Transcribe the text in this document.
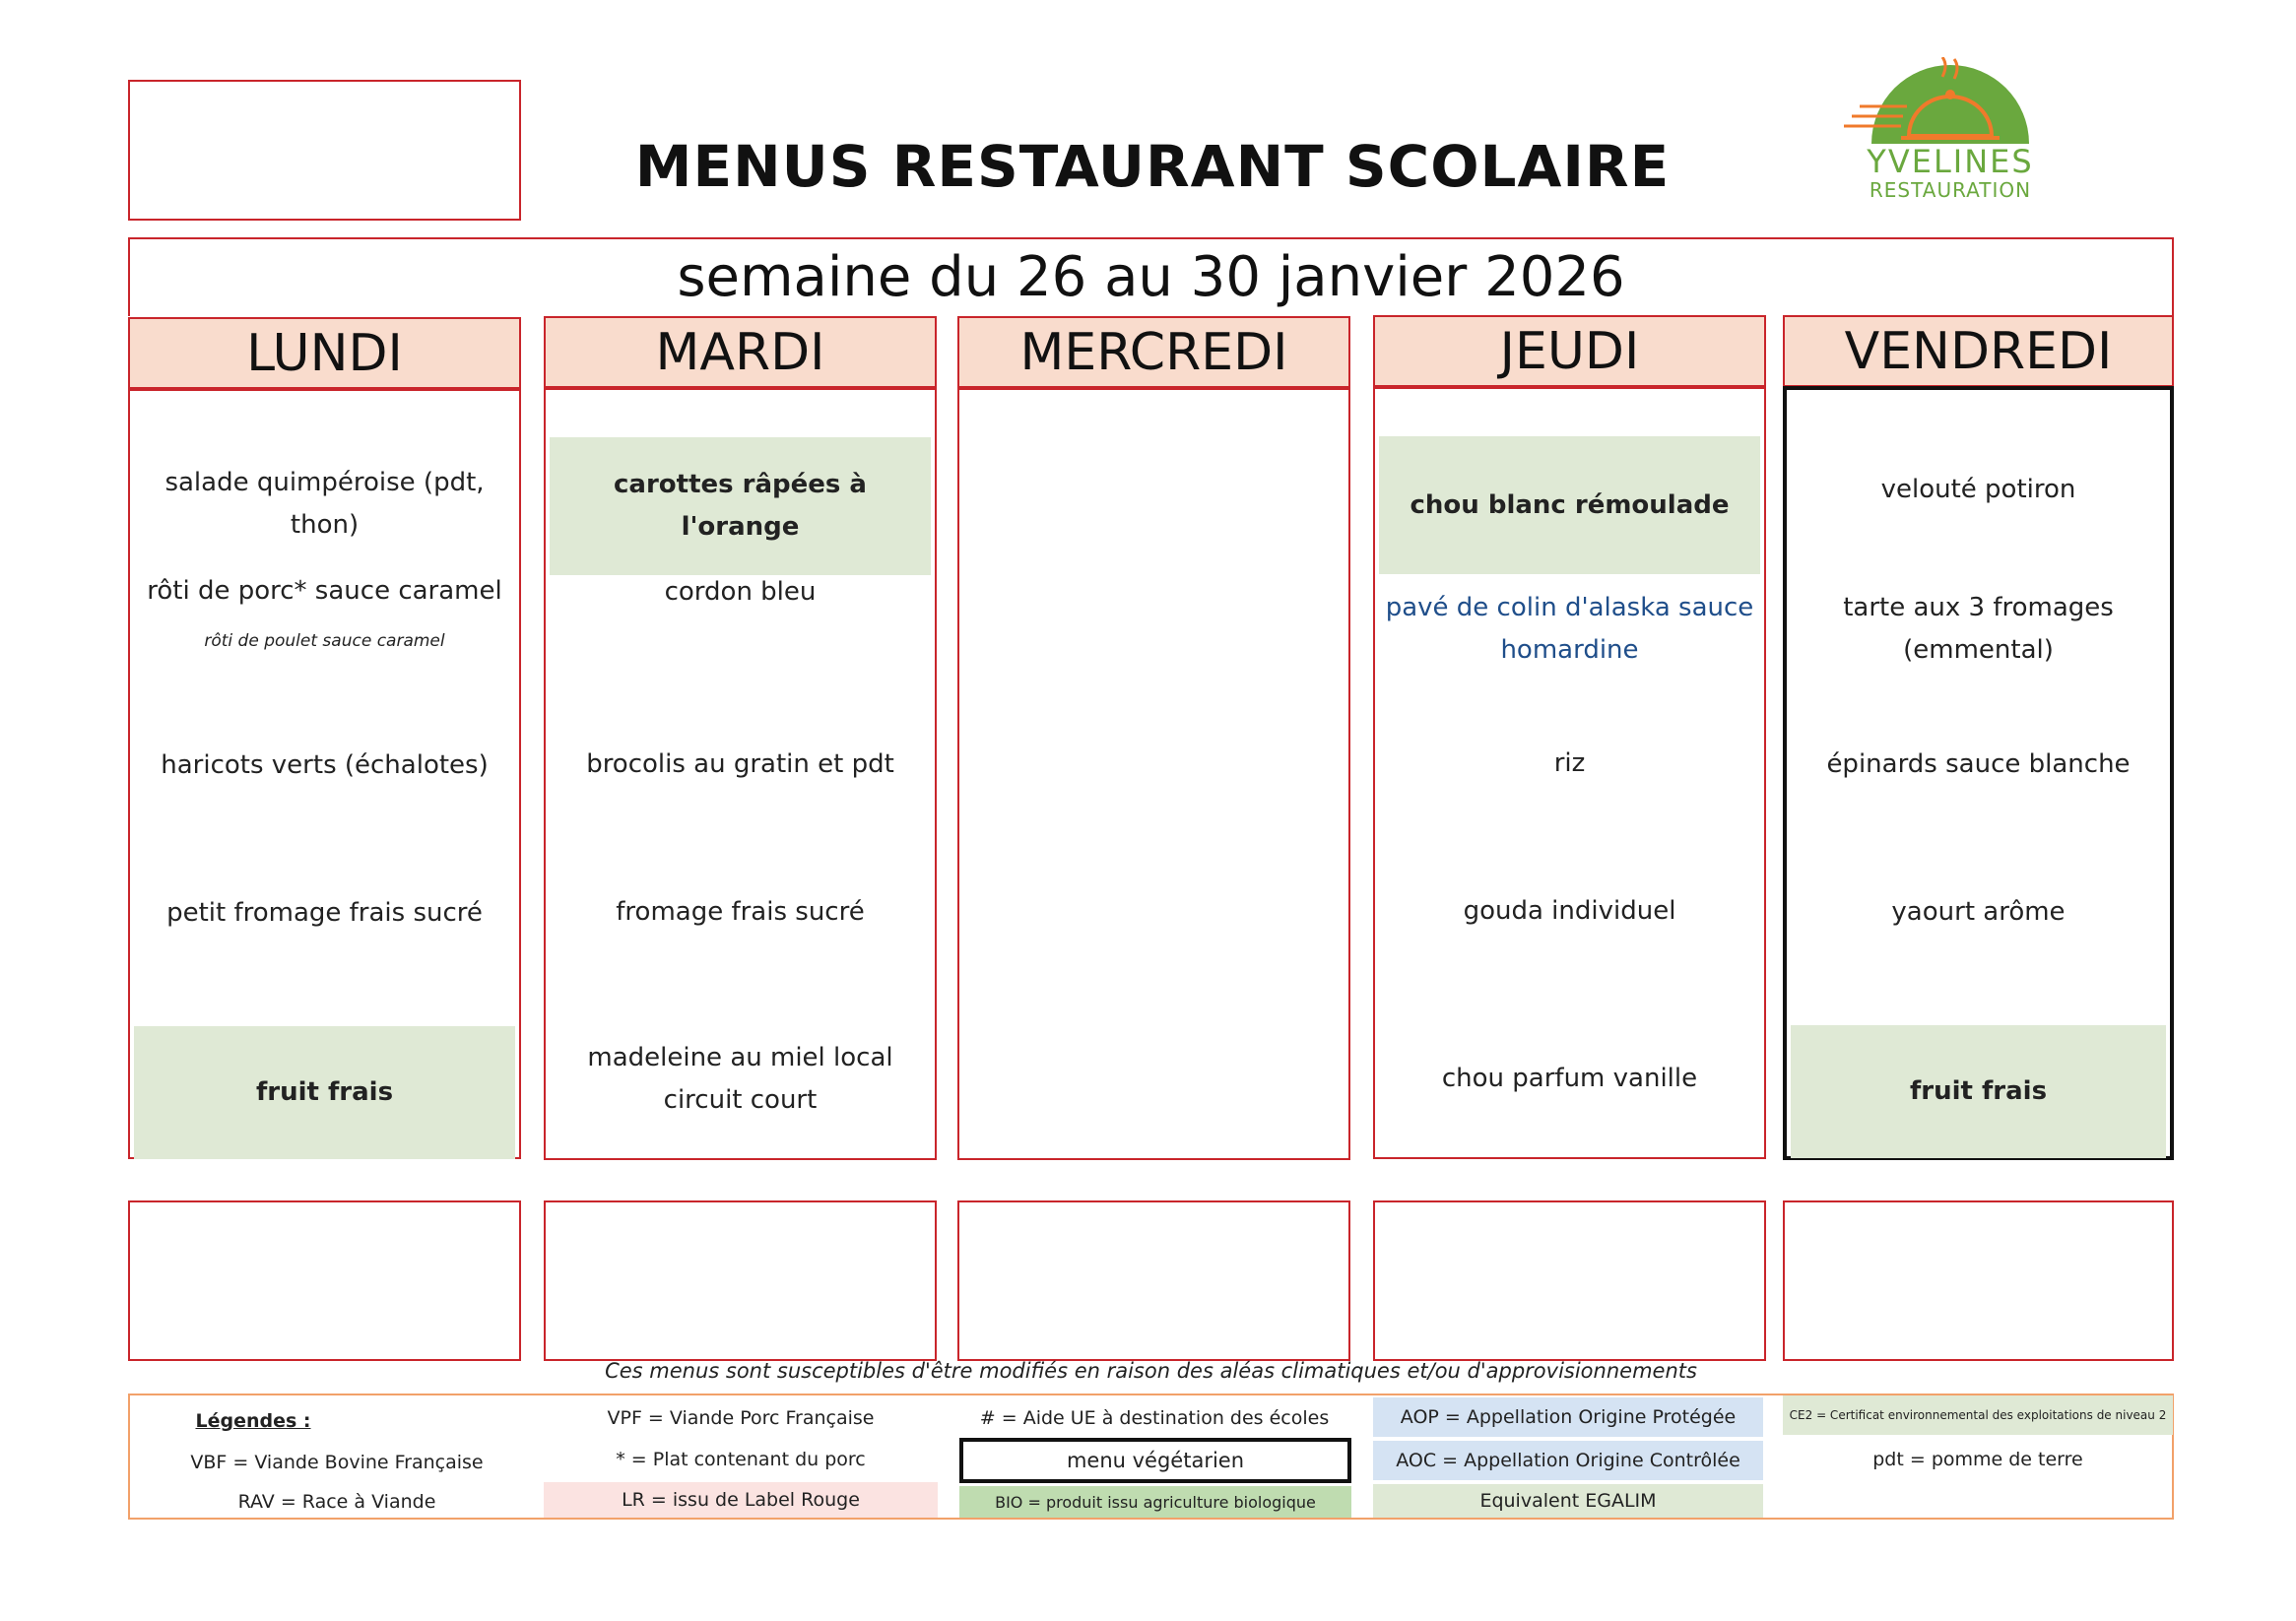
MENUS RESTAURANT SCOLAIRE	YVELINES
RESTAURATION
semaine du 26 au 30 janvier 2026
LUNDI
salade quimpéroise (pdt, thon)
rôti de porc* sauce caramel
rôti de poulet sauce caramel
haricots verts (échalotes)
petit fromage frais sucré
fruit frais
MARDI
carottes râpées à l'orange
cordon bleu
brocolis au gratin et pdt
fromage frais sucré
madeleine au miel local circuit court
MERCREDI	JEUDI
chou blanc rémoulade
pavé de colin d'alaska sauce homardine
riz
gouda individuel
chou parfum vanille
VENDREDI
velouté potiron
tarte aux 3 fromages (emmental)
épinards sauce blanche
yaourt arôme
fruit frais
Ces menus sont susceptibles d'être modifiés en raison des aléas climatiques et/ou d'approvisionnements
Légendes :
VBF = Viande Bovine Française
RAV = Race à Viande
VPF = Viande Porc Française
* = Plat contenant du porc
LR = issu de Label Rouge
# = Aide UE à destination des écoles
menu végétarien
BIO = produit issu agriculture biologique
AOP = Appellation Origine Protégée
AOC = Appellation Origine Contrôlée
Equivalent EGALIM
CE2 = Certificat environnemental des exploitations de niveau 2
pdt = pomme de terre
